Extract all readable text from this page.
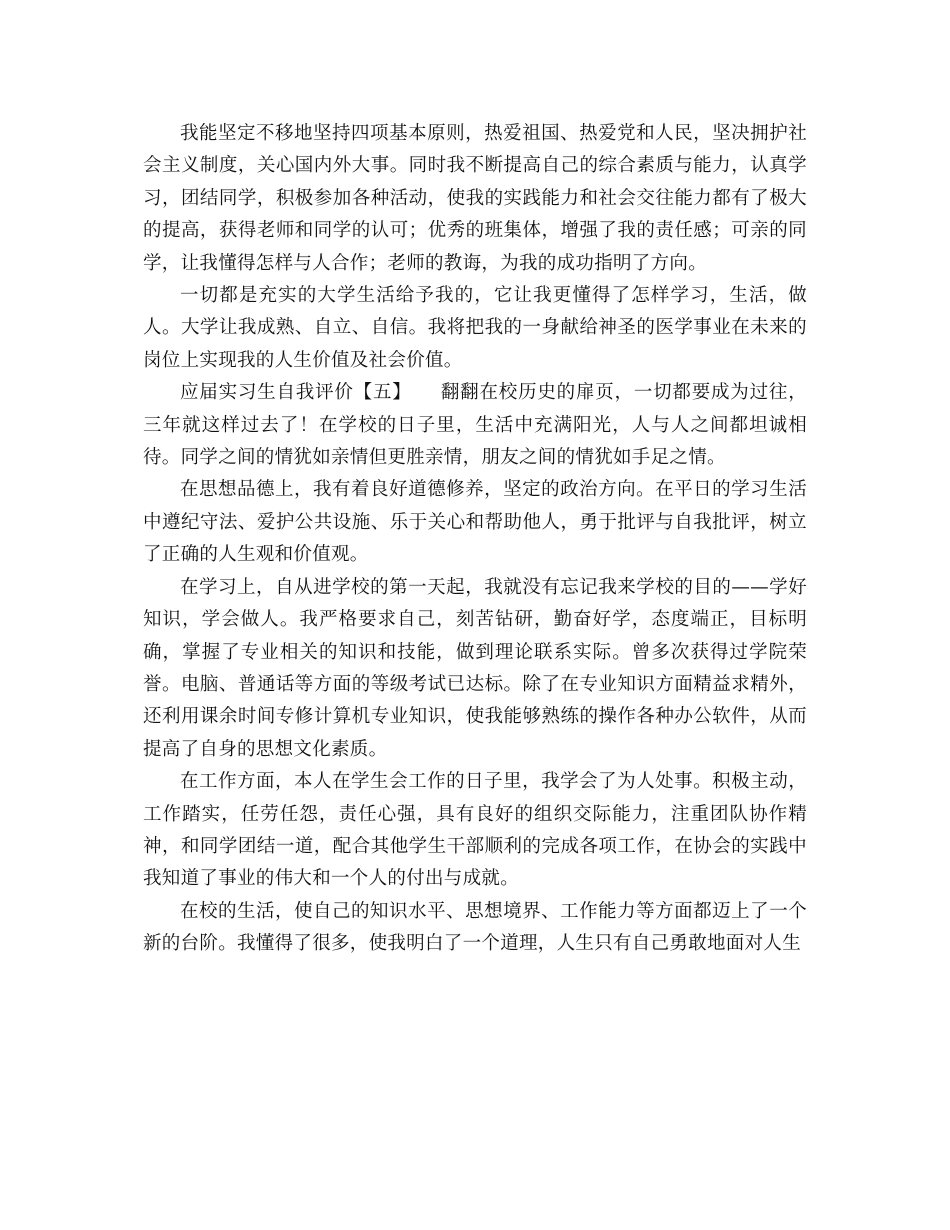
我能坚定不移地坚持四项基本原则，热爱祖国、热爱党和人民，坚决拥护社会主义制度，关心国内外大事。同时我不断提高自己的综合素质与能力，认真学习，团结同学，积极参加各种活动，使我的实践能力和社会交往能力都有了极大的提高，获得老师和同学的认可；优秀的班集体，增强了我的责任感；可亲的同学，让我懂得怎样与人合作；老师的教诲，为我的成功指明了方向。

一切都是充实的大学生活给予我的，它让我更懂得了怎样学习，生活，做人。大学让我成熟、自立、自信。我将把我的一身献给神圣的医学事业在未来的岗位上实现我的人生价值及社会价值。

应届实习生自我评价【五】　　翻翻在校历史的扉页，一切都要成为过往，三年就这样过去了！在学校的日子里，生活中充满阳光，人与人之间都坦诚相待。同学之间的情犹如亲情但更胜亲情，朋友之间的情犹如手足之情。

在思想品德上，我有着良好道德修养，坚定的政治方向。在平日的学习生活中遵纪守法、爱护公共设施、乐于关心和帮助他人，勇于批评与自我批评，树立了正确的人生观和价值观。

在学习上，自从进学校的第一天起，我就没有忘记我来学校的目的——学好知识，学会做人。我严格要求自己，刻苦钻研，勤奋好学，态度端正，目标明确，掌握了专业相关的知识和技能，做到理论联系实际。曾多次获得过学院荣誉。电脑、普通话等方面的等级考试已达标。除了在专业知识方面精益求精外，还利用课余时间专修计算机专业知识，使我能够熟练的操作各种办公软件，从而提高了自身的思想文化素质。

在工作方面，本人在学生会工作的日子里，我学会了为人处事。积极主动，工作踏实，任劳任怨，责任心强，具有良好的组织交际能力，注重团队协作精神，和同学团结一道，配合其他学生干部顺利的完成各项工作，在协会的实践中我知道了事业的伟大和一个人的付出与成就。

在校的生活，使自己的知识水平、思想境界、工作能力等方面都迈上了一个新的台阶。我懂得了很多，使我明白了一个道理，人生只有自己勇敢地面对人生
